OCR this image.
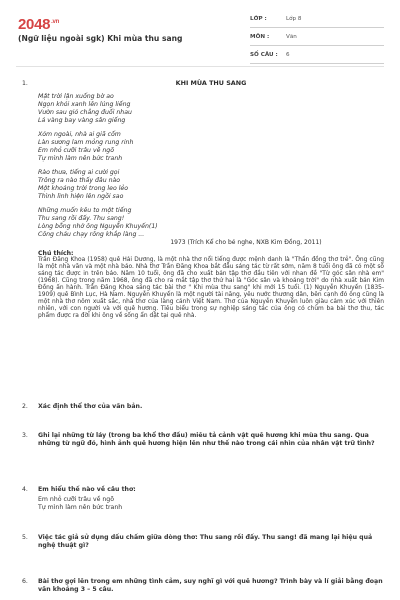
$2048^{.vn}$
(Ngữ liệu ngoài sgk) Khi mùa thu sang
LỚP :	Lớp 8
MÔN :	Văn
SỐ CÂU :	6
1.	KHI MÙA THU SANG
Mặt trời lặn xuống bờ ao
Ngọn khói xanh lên lúng liếng
Vườn sau gió chẳng đuổi nhau
Lá vàng bay vàng sân giếng
Xóm ngoài, nhà ai giã cốm
Làn sương lam mỏng rung rinh
Em nhỏ cưỡi trâu về ngõ
Tự mình làm nên bức tranh
Rào thưa, tiếng ai cười gọi
Trông ra nào thấy đâu nào
Một khoảng trời trong leo lẻo
Thình lình hiện lên ngồi sao
Những muốn kêu to một tiếng
Thu sang rồi đấy. Thu sang!
Lòng bỗng nhớ ông Nguyễn Khuyến(1)
Công cháu chạy rông khắp làng ...
1973 (Trích Kể cho bé nghe, NXB Kim Đồng, 2011)
Chú thích:
Trần Đăng Khoa (1958) quê Hải Dương, là một nhà thơ nổi tiếng được mệnh danh là "Thần đồng thơ trẻ". Ông cũng là một nhà văn và một nhà báo. Nhà thơ Trần Đăng Khoa bắt đầu sáng tác từ rất sớm, năm 8 tuổi ông đã có một số sáng tác được in trên báo. Năm 10 tuổi, ông đã cho xuất bản tập thơ đầu tiên với nhan đề "Từ góc sân nhà em"(1968). Cũng trong năm 1968, ông đã cho ra mắt tập thơ thứ hai là "Góc sân và khoảng trời" do nhà xuất bản Kim Đồng ấn hành. Trần Đăng Khoa sáng tác bài thơ " Khi mùa thu sang" khi mới 15 tuổi. (1) Nguyễn Khuyến (1835-1909) quê Bình Lục, Hà Nam. Nguyễn Khuyến là một người tài năng, yêu nước thương dân, bên cạnh đó ông cũng là một nhà thơ nôm xuất sắc, nhà thơ của làng cảnh Việt Nam. Thơ của Nguyễn Khuyến luôn giàu cảm xúc với thiên nhiên, với con người và với quê hương. Tiêu biểu trong sự nghiệp sáng tác của ông có chùm ba bài thơ thu, tác phẩm được ra đời khi ông về sống ẩn dật tại quê nhà.
2. Xác định thể thơ của văn bản.
3. Ghi lại những từ láy (trong ba khổ thơ đầu) miêu tả cảnh vật quê hương khi mùa thu sang. Qua những từ ngữ đó, hình ảnh quê hương hiện lên như thế nào trong cái nhìn của nhân vật trữ tình?
4. Em hiểu thế nào về câu thơ:
Em nhỏ cưỡi trâu về ngõ
Tự mình làm nên bức tranh
5. Việc tác giả sử dụng dấu chấm giữa dòng thơ: Thu sang rồi đấy. Thu sang! đã mang lại hiệu quả nghệ thuật gì?
6. Bài thơ gợi lên trong em những tình cảm, suy nghĩ gì với quê hương? Trình bày và lí giải bằng đoạn văn khoảng 3 – 5 câu.
